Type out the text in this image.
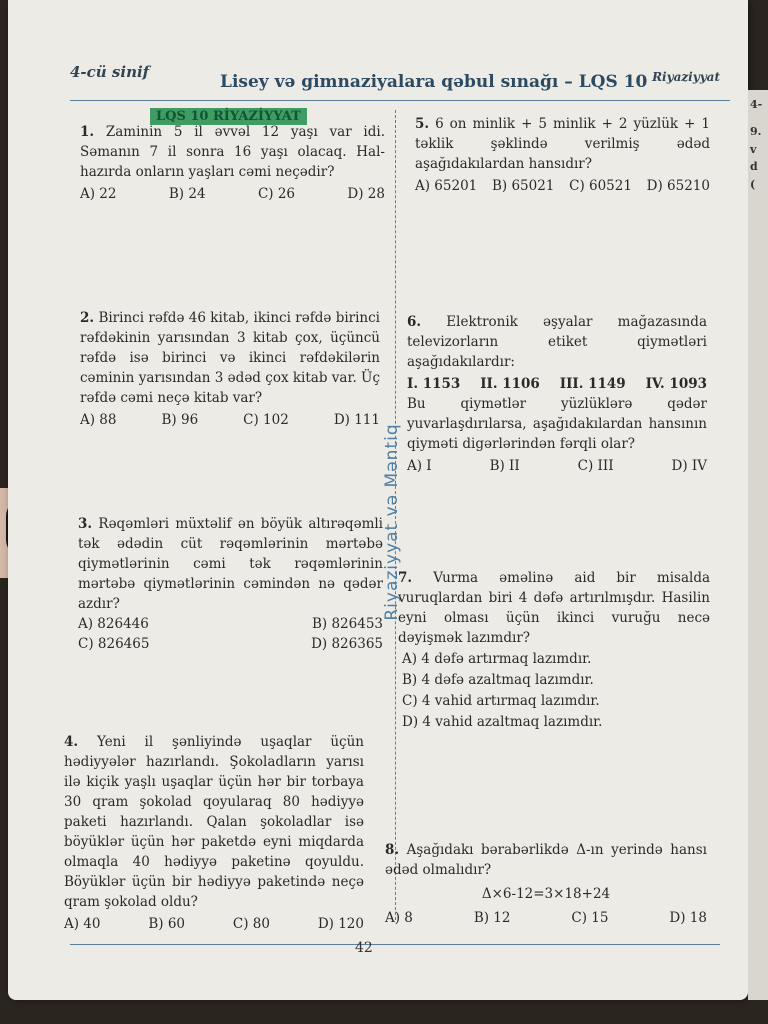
4-
9.
v
d
(
4-cü sinif	Lisey və gimnaziyalara qəbul sınağı – LQS 10 Riyaziyyat
LQS 10 RİYAZİYYAT
Riyaziyyat və Məntiq

1. Zaminin 5 il əvvəl 12 yaşı var idi. Səmanın 7 il sonra 16 yaşı olacaq. Hal-hazırda onların yaşları cəmi neçədir?

A) 22	B) 24	C) 26	D) 28

2. Birinci rəfdə 46 kitab, ikinci rəfdə birinci rəfdəkinin yarısından 3 kitab çox, üçüncü rəfdə isə birinci və ikinci rəfdəkilərin cəminin yarısından 3 ədəd çox kitab var. Üç rəfdə cəmi neçə kitab var?

A) 88	B) 96	C) 102	D) 111

3. Rəqəmləri müxtəlif ən böyük altırəqəmli tək ədədin cüt rəqəmlərinin mərtəbə qiymətlərinin cəmi tək rəqəmlərinin mərtəbə qiymətlərinin cəmindən nə qədər azdır?

A) 826446	B) 826453
C) 826465	D) 826365

4. Yeni il şənliyində uşaqlar üçün hədiyyələr hazırlandı. Şokoladların yarısı ilə kiçik yaşlı uşaqlar üçün hər bir torbaya 30 qram şokolad qoyularaq 80 hədiyyə paketi hazırlandı. Qalan şokoladlar isə böyüklər üçün hər paketdə eyni miqdarda olmaqla 40 hədiyyə paketinə qoyuldu. Böyüklər üçün bir hədiyyə paketində neçə qram şokolad oldu?

A) 40	B) 60	C) 80	D) 120

5. 6 on minlik + 5 minlik + 2 yüzlük + 1 təklik şəklində verilmiş ədəd aşağıdakılardan hansıdır?

A) 65201 B) 65021 C) 60521 D) 65210

6. Elektronik əşyalar mağazasında televizorların etiket qiymətləri aşağıdakılardır:

I. 1153 II. 1106 III. 1149 IV. 1093

Bu qiymətlər yüzlüklərə qədər yuvarlaşdırılarsa, aşağıdakılardan hansının qiyməti digərlərindən fərqli olar?

A) I	B) II	C) III	D) IV

7. Vurma əməlinə aid bir misalda vuruqlardan biri 4 dəfə artırılmışdır. Hasilin eyni olması üçün ikinci vuruğu necə dəyişmək lazımdır?

A) 4 dəfə artırmaq lazımdır.
B) 4 dəfə azaltmaq lazımdır.
C) 4 vahid artırmaq lazımdır.
D) 4 vahid azaltmaq lazımdır.

8. Aşağıdakı bərabərlikdə Δ-ın yerində hansı ədəd olmalıdır?

Δ×6-12=3×18+24
A) 8	B) 12	C) 15	D) 18
42
